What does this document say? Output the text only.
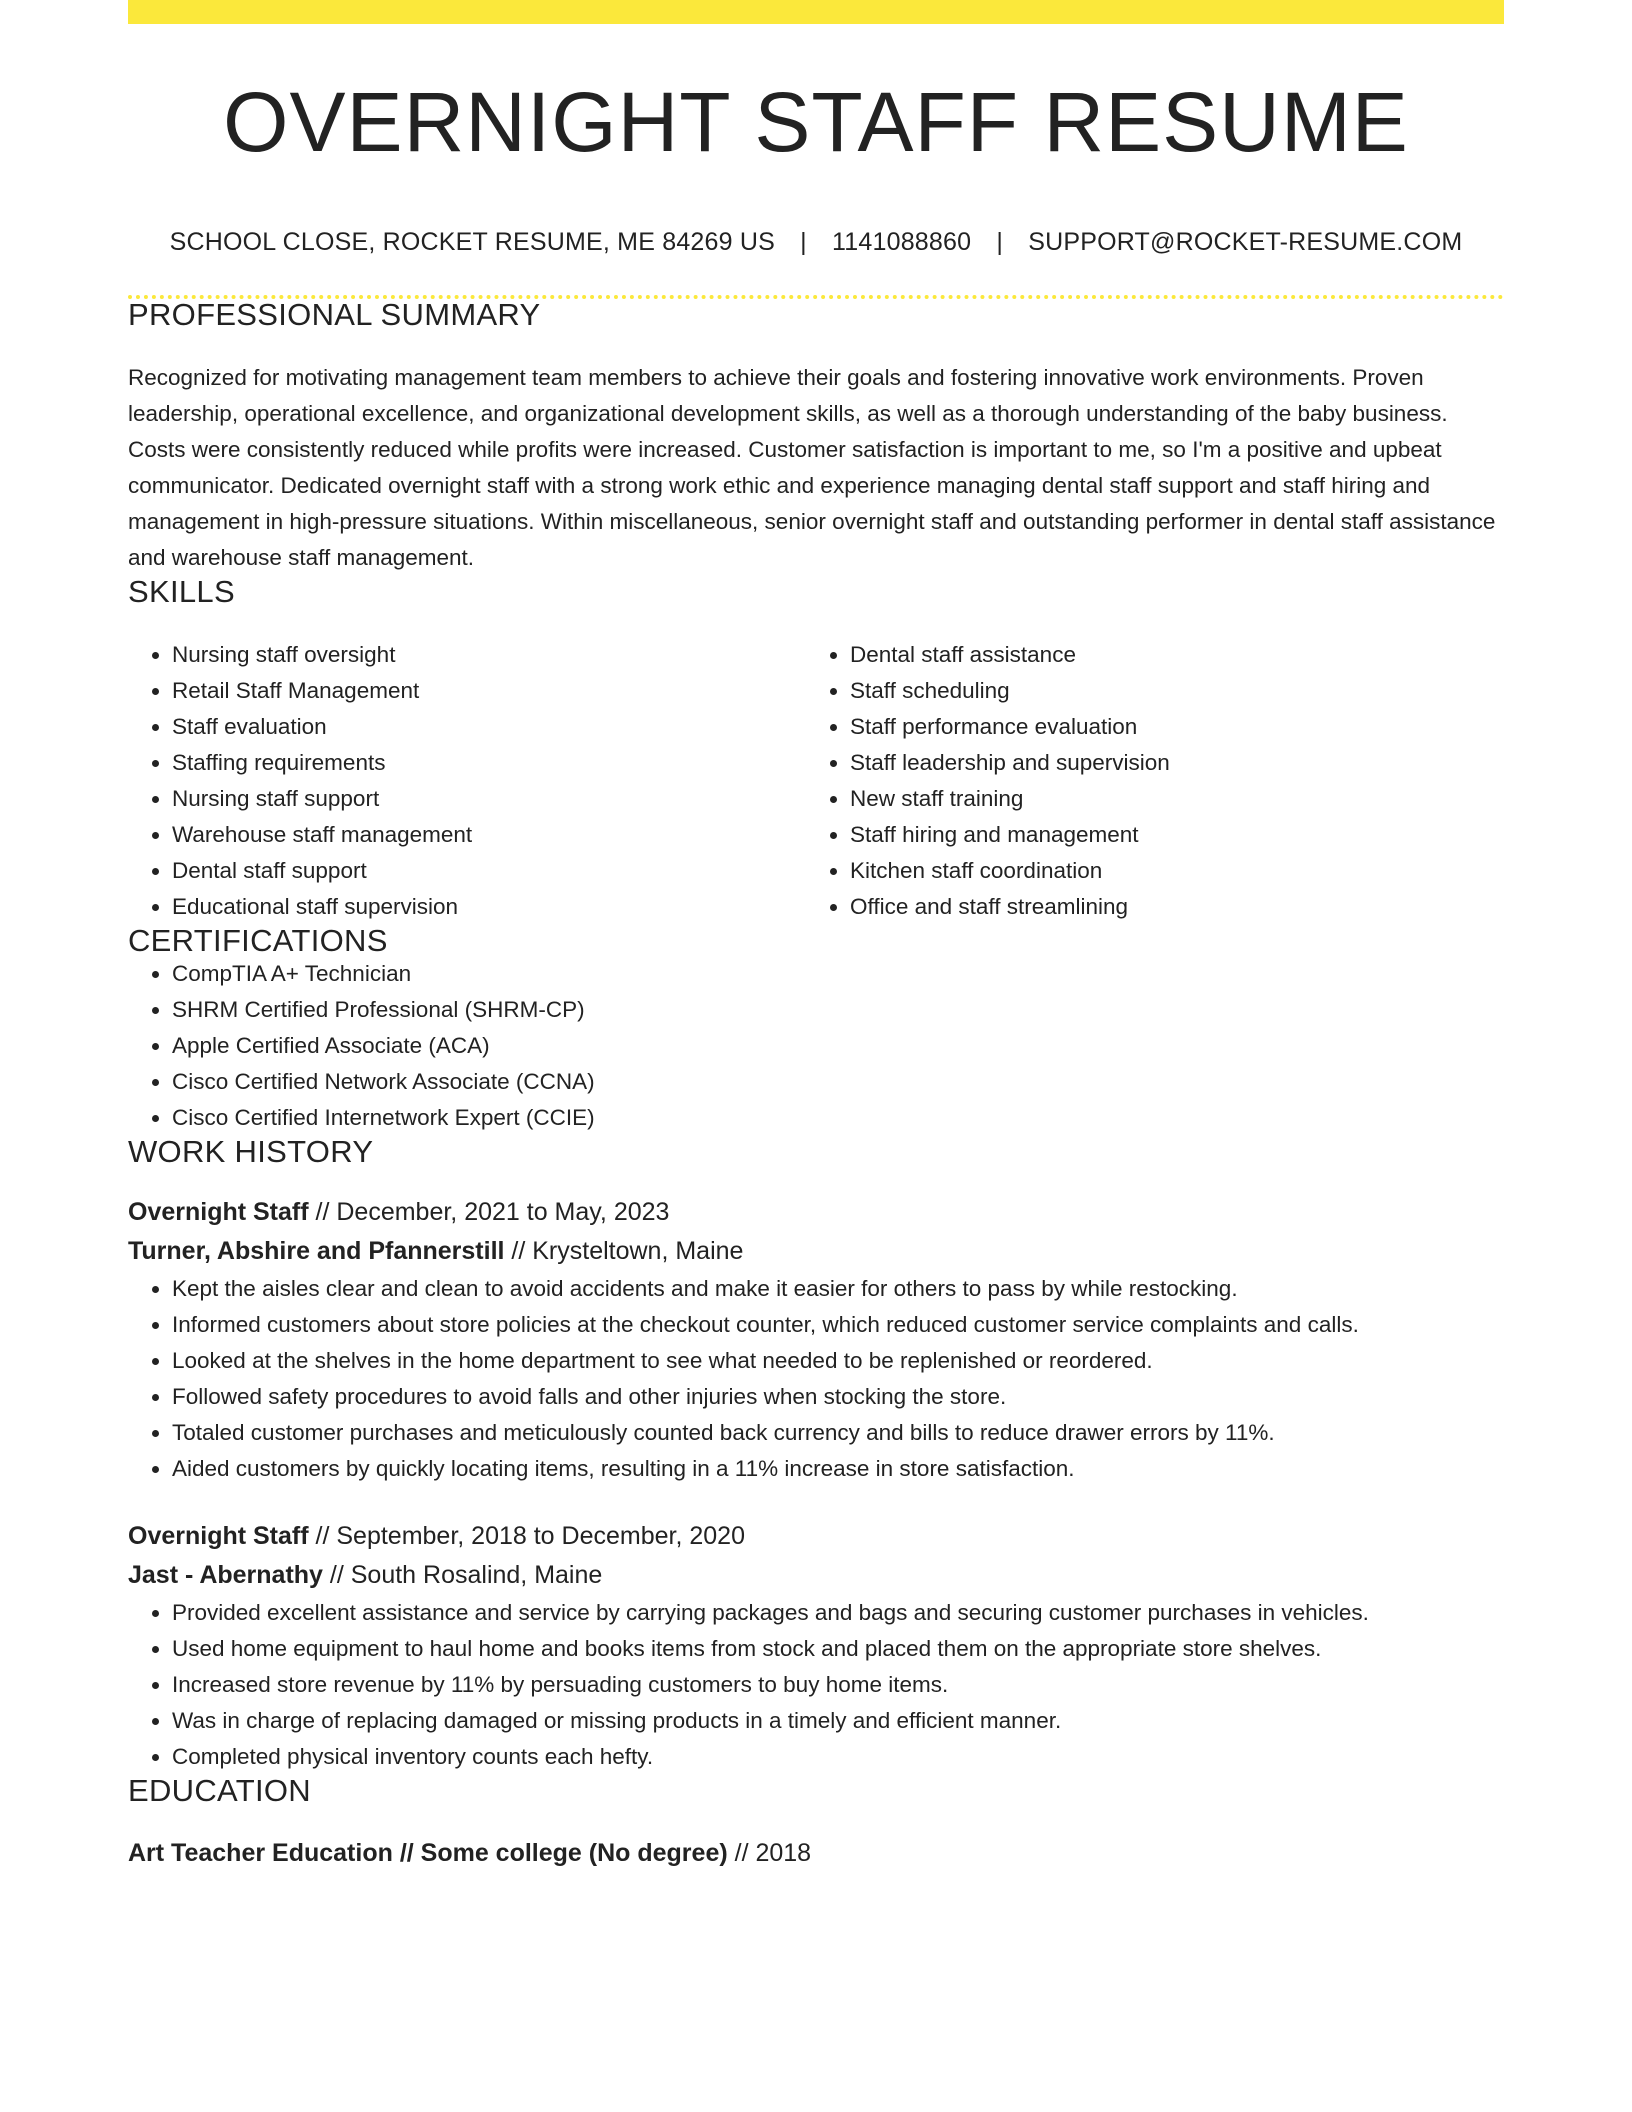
OVERNIGHT STAFF RESUME
SCHOOL CLOSE, ROCKET RESUME, ME 84269 US | 1141088860 | SUPPORT@ROCKET-RESUME.COM
PROFESSIONAL SUMMARY
Recognized for motivating management team members to achieve their goals and fostering innovative work environments. Proven leadership, operational excellence, and organizational development skills, as well as a thorough understanding of the baby business. Costs were consistently reduced while profits were increased. Customer satisfaction is important to me, so I'm a positive and upbeat communicator. Dedicated overnight staff with a strong work ethic and experience managing dental staff support and staff hiring and management in high-pressure situations. Within miscellaneous, senior overnight staff and outstanding performer in dental staff assistance and warehouse staff management.
SKILLS
• Nursing staff oversight
• Retail Staff Management
• Staff evaluation
• Staffing requirements
• Nursing staff support
• Warehouse staff management
• Dental staff support
• Educational staff supervision
• Dental staff assistance
• Staff scheduling
• Staff performance evaluation
• Staff leadership and supervision
• New staff training
• Staff hiring and management
• Kitchen staff coordination
• Office and staff streamlining
CERTIFICATIONS
• CompTIA A+ Technician
• SHRM Certified Professional (SHRM-CP)
• Apple Certified Associate (ACA)
• Cisco Certified Network Associate (CCNA)
• Cisco Certified Internetwork Expert (CCIE)
WORK HISTORY
Overnight Staff // December, 2021 to May, 2023
Turner, Abshire and Pfannerstill // Krysteltown, Maine
• Kept the aisles clear and clean to avoid accidents and make it easier for others to pass by while restocking.
• Informed customers about store policies at the checkout counter, which reduced customer service complaints and calls.
• Looked at the shelves in the home department to see what needed to be replenished or reordered.
• Followed safety procedures to avoid falls and other injuries when stocking the store.
• Totaled customer purchases and meticulously counted back currency and bills to reduce drawer errors by 11%.
• Aided customers by quickly locating items, resulting in a 11% increase in store satisfaction.
Overnight Staff // September, 2018 to December, 2020
Jast - Abernathy // South Rosalind, Maine
• Provided excellent assistance and service by carrying packages and bags and securing customer purchases in vehicles.
• Used home equipment to haul home and books items from stock and placed them on the appropriate store shelves.
• Increased store revenue by 11% by persuading customers to buy home items.
• Was in charge of replacing damaged or missing products in a timely and efficient manner.
• Completed physical inventory counts each hefty.
EDUCATION
Art Teacher Education // Some college (No degree) // 2018
